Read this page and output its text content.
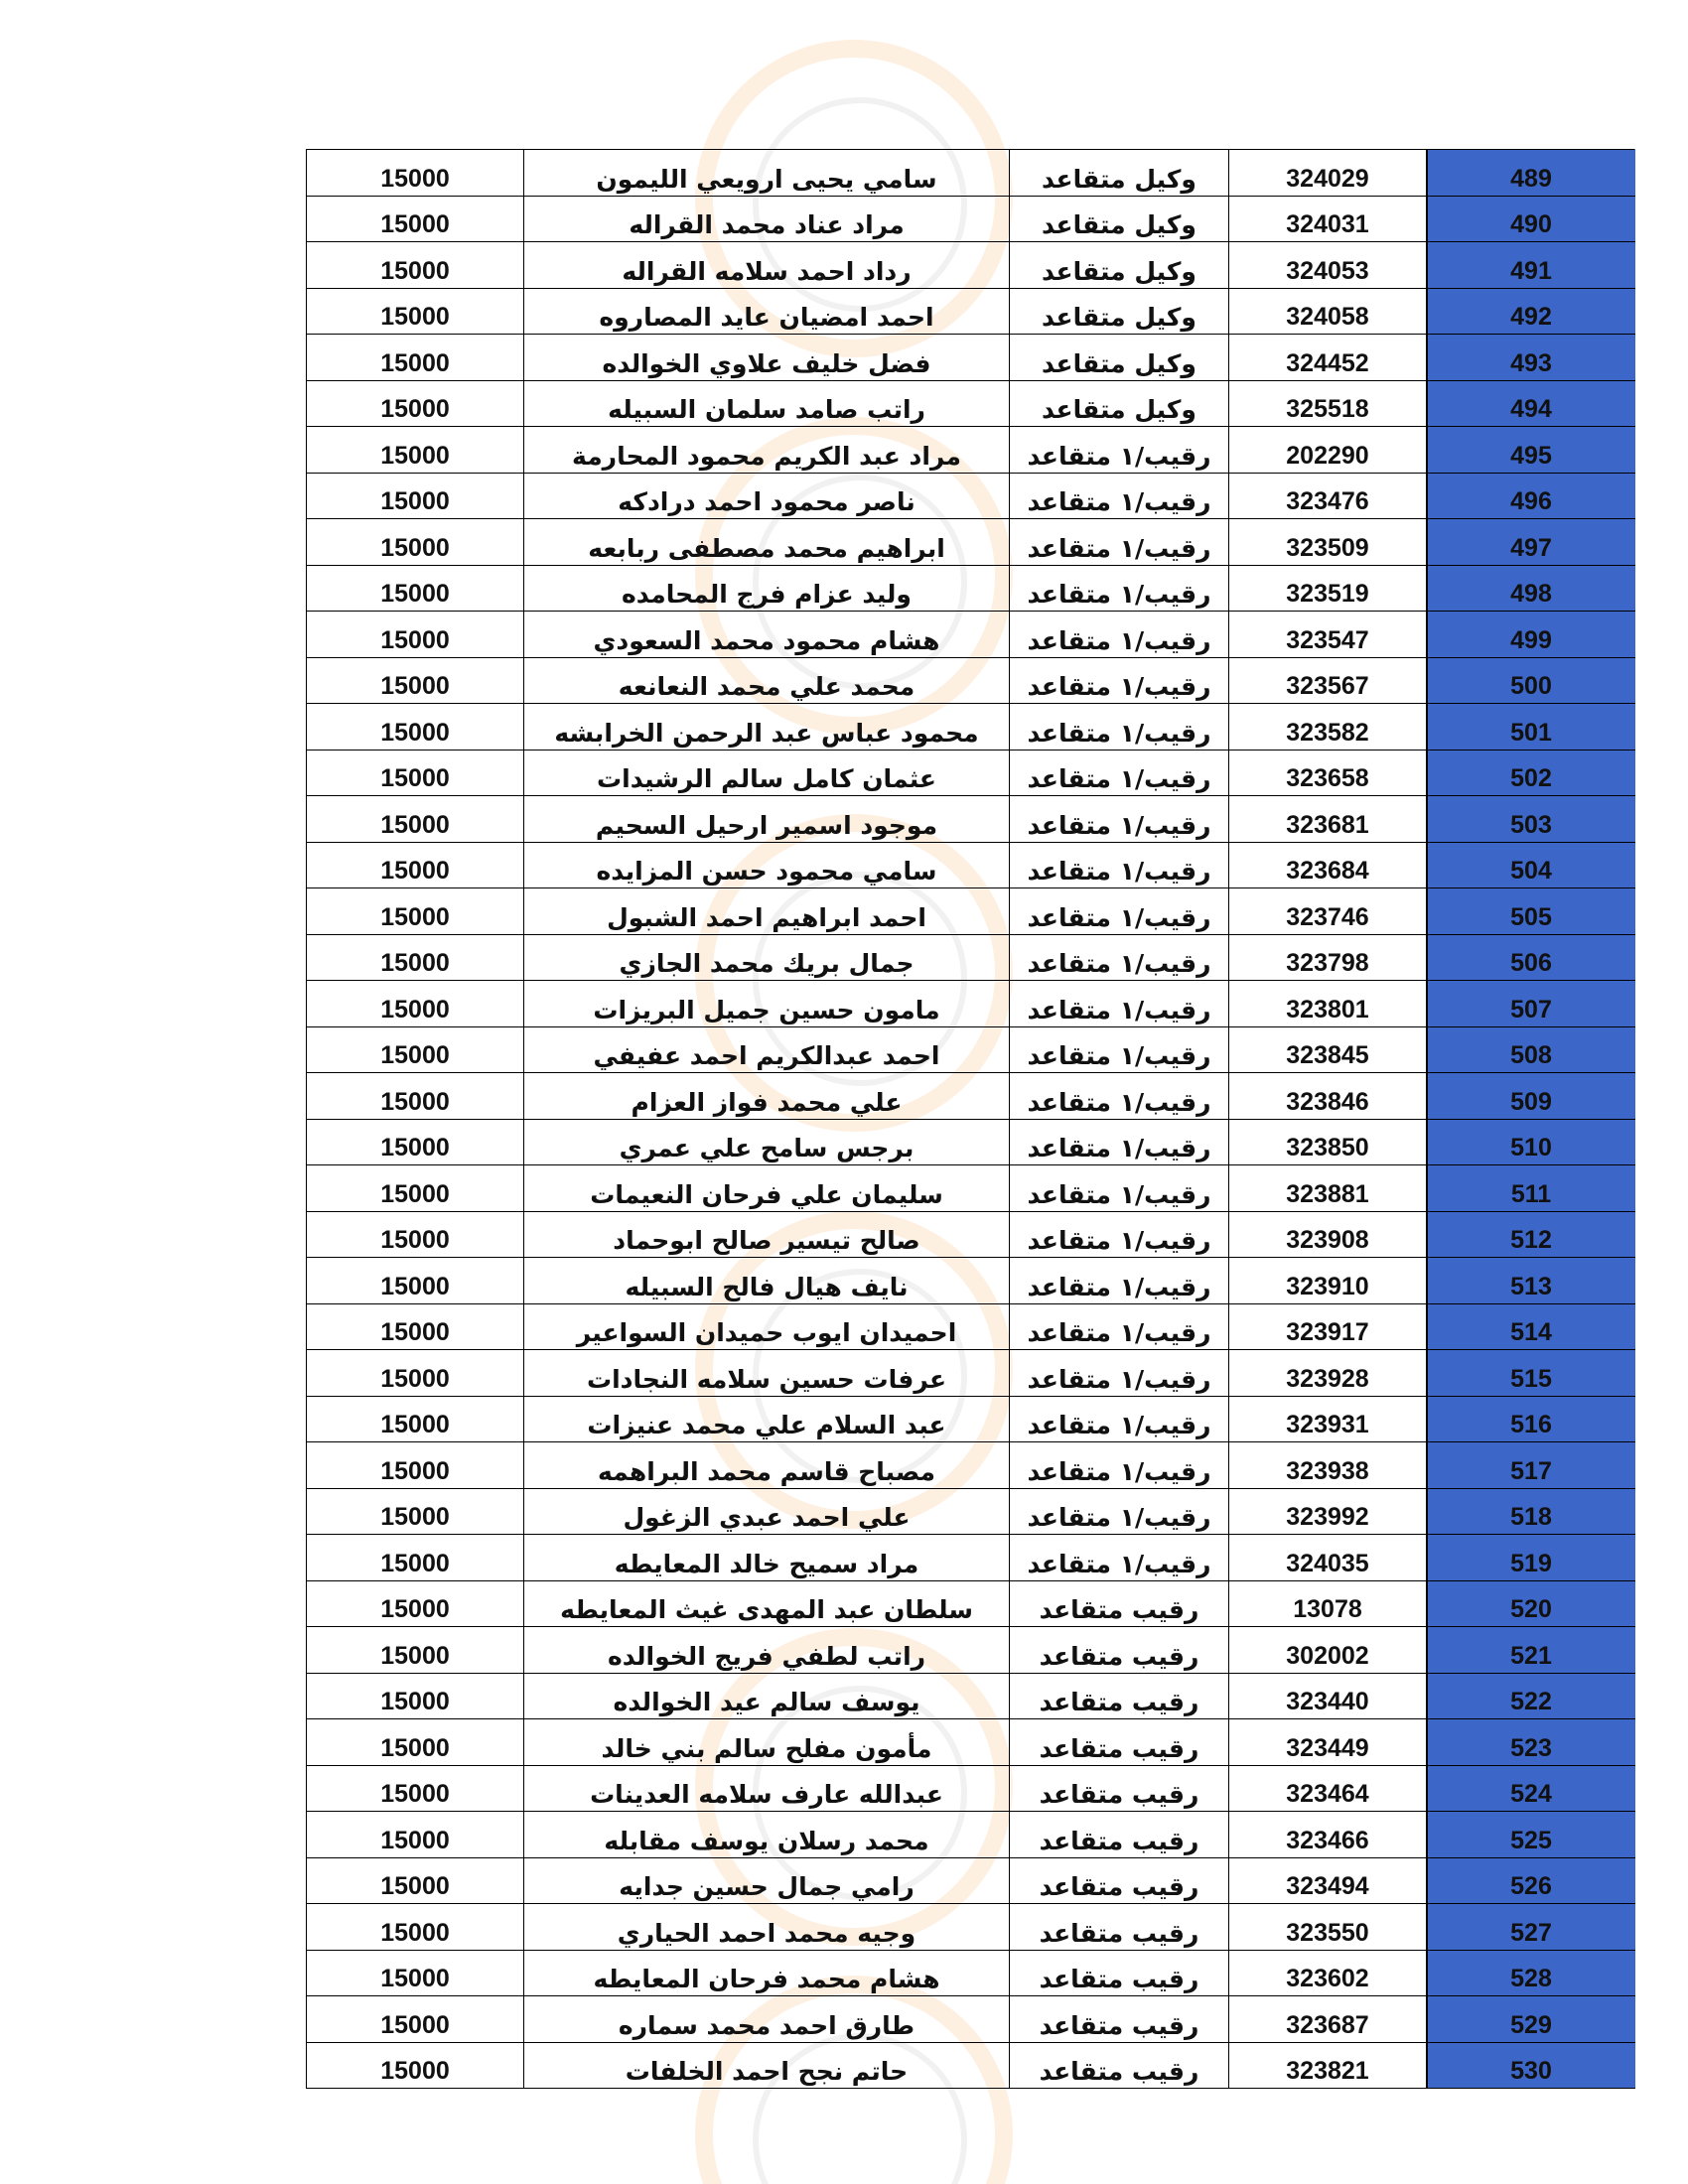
15000	سامي يحيى ارويعي الليمون	وكيل متقاعد	324029	489
15000	مراد عناد محمد القراله	وكيل متقاعد	324031	490
15000	رداد احمد سلامه القراله	وكيل متقاعد	324053	491
15000	احمد امضيان عايد المصاروه	وكيل متقاعد	324058	492
15000	فضل خليف علاوي الخوالده	وكيل متقاعد	324452	493
15000	راتب صامد سلمان السبيله	وكيل متقاعد	325518	494
15000	مراد عبد الكريم محمود المحارمة	رقيب/١ متقاعد	202290	495
15000	ناصر محمود احمد درادكه	رقيب/١ متقاعد	323476	496
15000	ابراهيم محمد مصطفى ربابعه	رقيب/١ متقاعد	323509	497
15000	وليد عزام فرج المحامده	رقيب/١ متقاعد	323519	498
15000	هشام محمود محمد السعودي	رقيب/١ متقاعد	323547	499
15000	محمد علي محمد النعانعه	رقيب/١ متقاعد	323567	500
15000	محمود عباس عبد الرحمن الخرابشه	رقيب/١ متقاعد	323582	501
15000	عثمان كامل سالم الرشيدات	رقيب/١ متقاعد	323658	502
15000	موجود اسمير ارحيل السحيم	رقيب/١ متقاعد	323681	503
15000	سامي محمود حسن المزايده	رقيب/١ متقاعد	323684	504
15000	احمد ابراهيم احمد الشبول	رقيب/١ متقاعد	323746	505
15000	جمال بريك محمد الجازي	رقيب/١ متقاعد	323798	506
15000	مامون حسين جميل البريزات	رقيب/١ متقاعد	323801	507
15000	احمد عبدالكريم احمد عفيفي	رقيب/١ متقاعد	323845	508
15000	علي محمد فواز العزام	رقيب/١ متقاعد	323846	509
15000	برجس سامح علي عمري	رقيب/١ متقاعد	323850	510
15000	سليمان علي فرحان النعيمات	رقيب/١ متقاعد	323881	511
15000	صالح تيسير صالح ابوحماد	رقيب/١ متقاعد	323908	512
15000	نايف هيال فالح السبيله	رقيب/١ متقاعد	323910	513
15000	احميدان ايوب حميدان السواعير	رقيب/١ متقاعد	323917	514
15000	عرفات حسين سلامه النجادات	رقيب/١ متقاعد	323928	515
15000	عبد السلام علي محمد عنيزات	رقيب/١ متقاعد	323931	516
15000	مصباح قاسم محمد البراهمه	رقيب/١ متقاعد	323938	517
15000	علي احمد عبدي الزغول	رقيب/١ متقاعد	323992	518
15000	مراد سميح خالد المعايطه	رقيب/١ متقاعد	324035	519
15000	سلطان عبد المهدى غيث المعايطه	رقيب متقاعد	13078	520
15000	راتب لطفي فريج الخوالده	رقيب متقاعد	302002	521
15000	يوسف سالم عيد الخوالده	رقيب متقاعد	323440	522
15000	مأمون مفلح سالم بني خالد	رقيب متقاعد	323449	523
15000	عبدالله عارف سلامه العدينات	رقيب متقاعد	323464	524
15000	محمد رسلان يوسف مقابله	رقيب متقاعد	323466	525
15000	رامي جمال حسين جدايه	رقيب متقاعد	323494	526
15000	وجيه محمد احمد الحياري	رقيب متقاعد	323550	527
15000	هشام محمد فرحان المعايطه	رقيب متقاعد	323602	528
15000	طارق احمد محمد سماره	رقيب متقاعد	323687	529
15000	حاتم نجح احمد الخلفات	رقيب متقاعد	323821	530
